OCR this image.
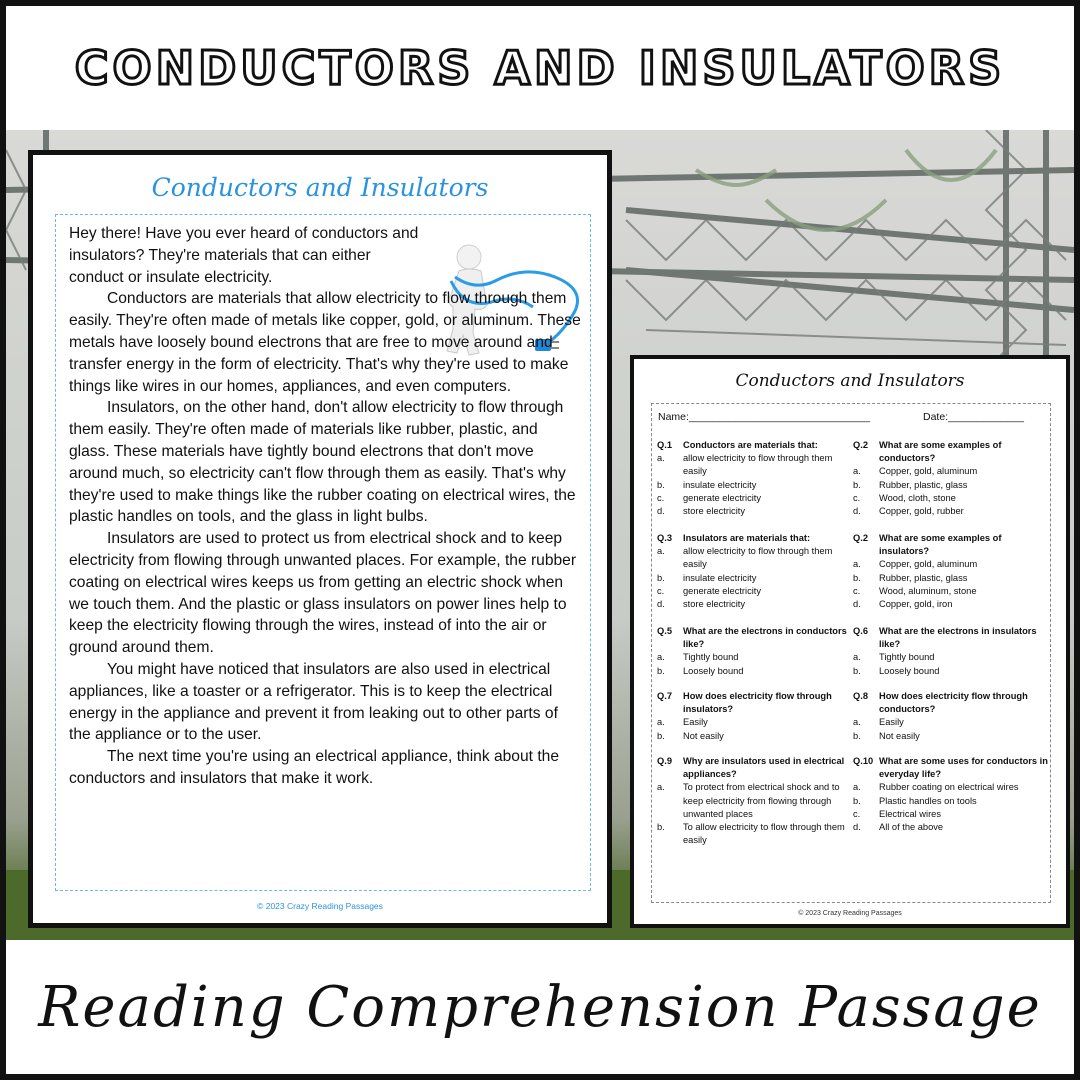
CONDUCTORS AND INSULATORS
Conductors and Insulators

Hey there! Have you ever heard of conductors and insulators? They're materials that can either conduct or insulate electricity.

Conductors are materials that allow electricity to flow through them easily. They're often made of metals like copper, gold, or aluminum. These metals have loosely bound electrons that are free to move around and transfer energy in the form of electricity. That's why they're used to make things like wires in our homes, appliances, and even computers.

Insulators, on the other hand, don't allow electricity to flow through them easily. They're often made of materials like rubber, plastic, and glass. These materials have tightly bound electrons that don't move around much, so electricity can't flow through them as easily. That's why they're used to make things like the rubber coating on electrical wires, the plastic handles on tools, and the glass in light bulbs.

Insulators are used to protect us from electrical shock and to keep electricity from flowing through unwanted places. For example, the rubber coating on electrical wires keeps us from getting an electric shock when we touch them. And the plastic or glass insulators on power lines help to keep the electricity flowing through the wires, instead of into the air or ground around them.

You might have noticed that insulators are also used in electrical appliances, like a toaster or a refrigerator. This is to keep the electrical energy in the appliance and prevent it from leaking out to other parts of the appliance or to the user.

The next time you're using an electrical appliance, think about the conductors and insulators that make it work.

© 2023 Crazy Reading Passages
Conductors and Insulators
Name:_______________________________	Date:_____________
Q.1	Conductors are materials that:
a.	allow electricity to flow through them easily
b.	insulate electricity
c.	generate electricity
d.	store electricity
Q.2	What are some examples of conductors?
a.	Copper, gold, aluminum
b.	Rubber, plastic, glass
c.	Wood, cloth, stone
d.	Copper, gold, rubber
Q.3	Insulators are materials that:
a.	allow electricity to flow through them easily
b.	insulate electricity
c.	generate electricity
d.	store electricity
Q.2	What are some examples of insulators?
a.	Copper, gold, aluminum
b.	Rubber, plastic, glass
c.	Wood, aluminum, stone
d.	Copper, gold, iron
Q.5	What are the electrons in conductors like?
a.	Tightly bound
b.	Loosely bound
Q.6	What are the electrons in insulators like?
a.	Tightly bound
b.	Loosely bound
Q.7	How does electricity flow through insulators?
a.	Easily
b.	Not easily
Q.8	How does electricity flow through conductors?
a.	Easily
b.	Not easily
Q.9	Why are insulators used in electrical appliances?
a.	To protect from electrical shock and to keep electricity from flowing through unwanted places
b.	To allow electricity to flow through them easily
Q.10 What are some uses for conductors in everyday life?
a.	Rubber coating on electrical wires
b.	Plastic handles on tools
c.	Electrical wires
d.	All of the above
© 2023 Crazy Reading Passages
Reading Comprehension Passage
